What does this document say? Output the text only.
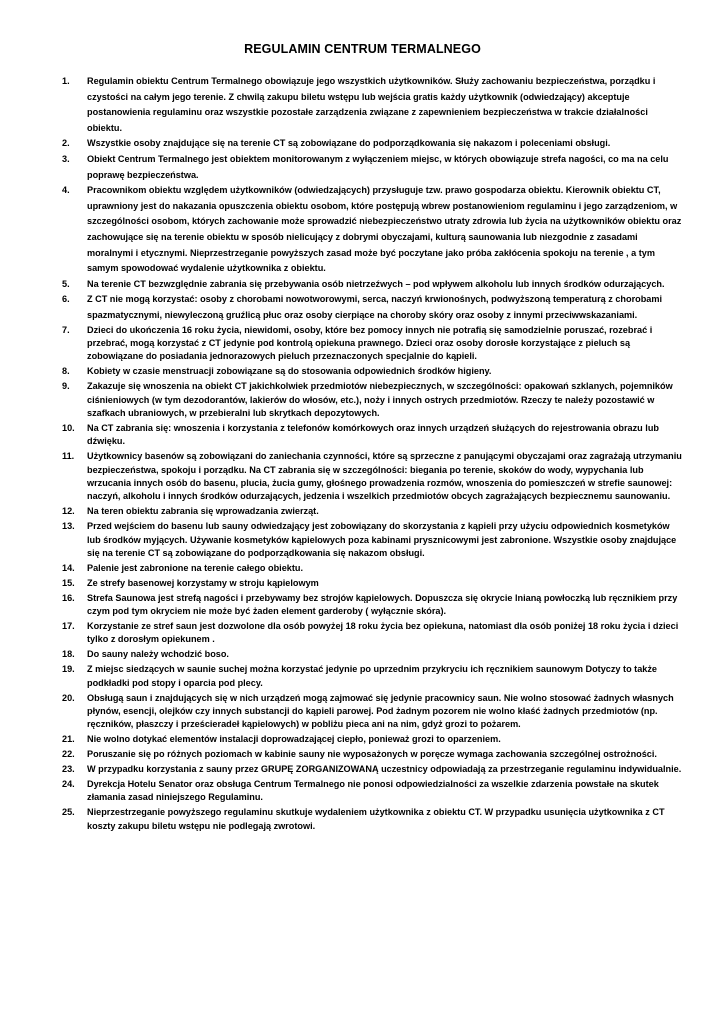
REGULAMIN CENTRUM TERMALNEGO
1.	Regulamin obiektu Centrum Termalnego obowiązuje jego wszystkich użytkowników. Służy zachowaniu bezpieczeństwa, porządku i czystości na całym jego terenie. Z chwilą zakupu biletu wstępu lub wejścia gratis każdy użytkownik (odwiedzający) akceptuje postanowienia regulaminu oraz wszystkie pozostałe zarządzenia związane z zapewnieniem bezpieczeństwa w trakcie działalności obiektu.
2.	Wszystkie osoby znajdujące się na terenie CT są zobowiązane do podporządkowania się nakazom i poleceniami obsługi.
3.	Obiekt Centrum Termalnego jest obiektem monitorowanym z wyłączeniem miejsc, w których obowiązuje strefa nagości, co ma na celu poprawę bezpieczeństwa.
4.	Pracownikom obiektu względem użytkowników (odwiedzających) przysługuje tzw. prawo gospodarza obiektu. Kierownik obiektu CT, uprawniony jest do nakazania opuszczenia obiektu osobom, które postępują wbrew postanowieniom regulaminu i jego zarządzeniom, w szczególności osobom, których zachowanie może sprowadzić niebezpieczeństwo utraty zdrowia lub życia na użytkowników obiektu oraz zachowujące się na terenie obiektu w sposób nielicujący z dobrymi obyczajami, kulturą saunowania lub niezgodnie z zasadami moralnymi i etycznymi. Nieprzestrzeganie powyższych zasad może być poczytane jako próba zakłócenia spokoju na terenie , a tym samym spowodować wydalenie użytkownika z obiektu.
5.	Na terenie CT bezwzględnie zabrania się przebywania osób nietrzeźwych – pod wpływem alkoholu lub innych środków odurzających.
6.	Z CT nie mogą korzystać: osoby z chorobami nowotworowymi, serca, naczyń krwionośnych, podwyższoną temperaturą z chorobami spazmatycznymi, niewyleczoną gruźlicą płuc oraz osoby cierpiące na choroby skóry oraz osoby z innymi przeciwwskazaniami.
7.	Dzieci do ukończenia 16 roku życia, niewidomi, osoby, które bez pomocy innych nie potrafią się samodzielnie poruszać, rozebrać i przebrać, mogą korzystać z CT jedynie pod kontrolą opiekuna prawnego. Dzieci oraz osoby dorosłe korzystające z pieluch są zobowiązane do posiadania jednorazowych pieluch przeznaczonych specjalnie do kąpieli.
8.	Kobiety w czasie menstruacji zobowiązane są do stosowania odpowiednich środków higieny.
9.	Zakazuje się wnoszenia na obiekt CT jakichkolwiek przedmiotów niebezpiecznych, w szczególności: opakowań szklanych, pojemników ciśnieniowych (w tym dezodorantów, lakierów do włosów, etc.), noży i innych ostrych przedmiotów. Rzeczy te należy pozostawić w szafkach ubraniowych, w przebieralni lub skrytkach depozytowych.
10.	Na CT zabrania się: wnoszenia i korzystania z telefonów komórkowych oraz innych urządzeń służących do rejestrowania obrazu lub dźwięku.
11.	Użytkownicy basenów są zobowiązani do zaniechania czynności, które są sprzeczne z panującymi obyczajami oraz zagrażają utrzymaniu bezpieczeństwa, spokoju i porządku. Na CT zabrania się w szczególności: biegania po terenie, skoków do wody, wypychania lub wrzucania innych osób do basenu, plucia, żucia gumy, głośnego prowadzenia rozmów, wnoszenia do pomieszczeń w strefie saunowej: naczyń, alkoholu i innych środków odurzających, jedzenia i wszelkich przedmiotów obcych zagrażających bezpiecznemu saunowaniu.
12.	Na teren obiektu zabrania się wprowadzania zwierząt.
13.	Przed wejściem do basenu lub sauny odwiedzający jest zobowiązany do skorzystania z kąpieli przy użyciu odpowiednich kosmetyków lub środków myjących. Używanie kosmetyków kąpielowych poza kabinami prysznicowymi jest zabronione. Wszystkie osoby znajdujące się na terenie CT są zobowiązane do podporządkowania się nakazom obsługi.
14.	Palenie jest zabronione na terenie całego obiektu.
15.	Ze strefy basenowej korzystamy w stroju kąpielowym
16.	Strefa Saunowa jest strefą nagości i przebywamy bez strojów kąpielowych. Dopuszcza się okrycie lnianą powłoczką lub ręcznikiem przy czym pod tym okryciem nie może być żaden element garderoby ( wyłącznie skóra).
17.	Korzystanie ze stref saun jest dozwolone dla osób powyżej 18 roku życia bez opiekuna, natomiast dla osób poniżej 18 roku życia i dzieci tylko z dorosłym opiekunem .
18.	Do sauny należy wchodzić boso.
19.	Z miejsc siedzących w saunie suchej można korzystać jedynie po uprzednim przykryciu ich ręcznikiem saunowym Dotyczy to także podkładki pod stopy i oparcia pod plecy.
20.	Obsługą saun i znajdujących się w nich urządzeń mogą zajmować się jedynie pracownicy saun. Nie wolno stosować żadnych własnych płynów, esencji, olejków czy innych substancji do kąpieli parowej. Pod żadnym pozorem nie wolno kłaść żadnych przedmiotów (np. ręczników, płaszczy i prześcieradeł kąpielowych) w pobliżu pieca ani na nim, gdyż grozi to pożarem.
21.	Nie wolno dotykać elementów instalacji doprowadzającej ciepło, ponieważ grozi to oparzeniem.
22.	Poruszanie się po różnych poziomach w kabinie sauny nie wyposażonych w poręcze wymaga zachowania szczególnej ostrożności.
23.	W przypadku korzystania z sauny przez GRUPĘ ZORGANIZOWANĄ uczestnicy odpowiadają za przestrzeganie regulaminu indywidualnie.
24.	Dyrekcja Hotelu Senator oraz obsługa Centrum Termalnego nie ponosi odpowiedzialności za wszelkie zdarzenia powstałe na skutek złamania zasad niniejszego Regulaminu.
25.	Nieprzestrzeganie powyższego regulaminu skutkuje wydaleniem użytkownika z obiektu CT. W przypadku usunięcia użytkownika z CT koszty zakupu biletu wstępu nie podlegają zwrotowi.
